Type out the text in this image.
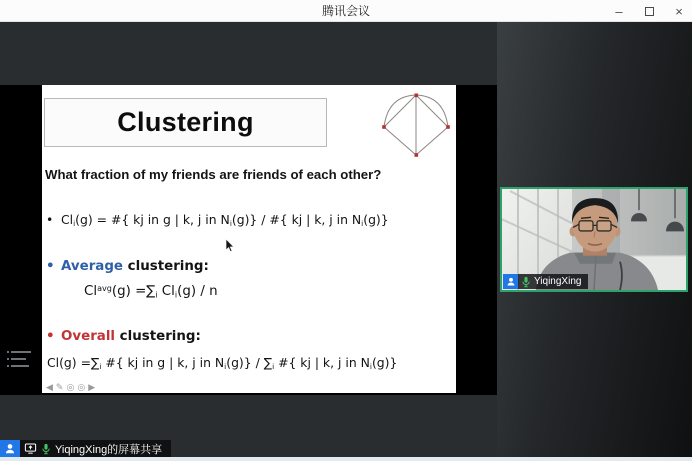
腾讯会议	–	×
Clustering
What fraction of my friends are friends of each other?
• $Cl_i(g)$ = #{ kj in g | k, j in $N_i(g)$} / #{ kj | k, j in $N_i(g)$}
• Average clustering:
$Cl^{avg}(g) =\sum_i$ $Cl_i(g)$ / n
• Overall clustering:
$Cl(g) =\sum_i$ #{ kj in g | k, j in $N_i(g)\} / \sum_i$ #{ kj | k, j in $N_i(g)$}
◀ ✎ ◎ ◎ ▶
YiqingXing
YiqingXing的屏幕共享
